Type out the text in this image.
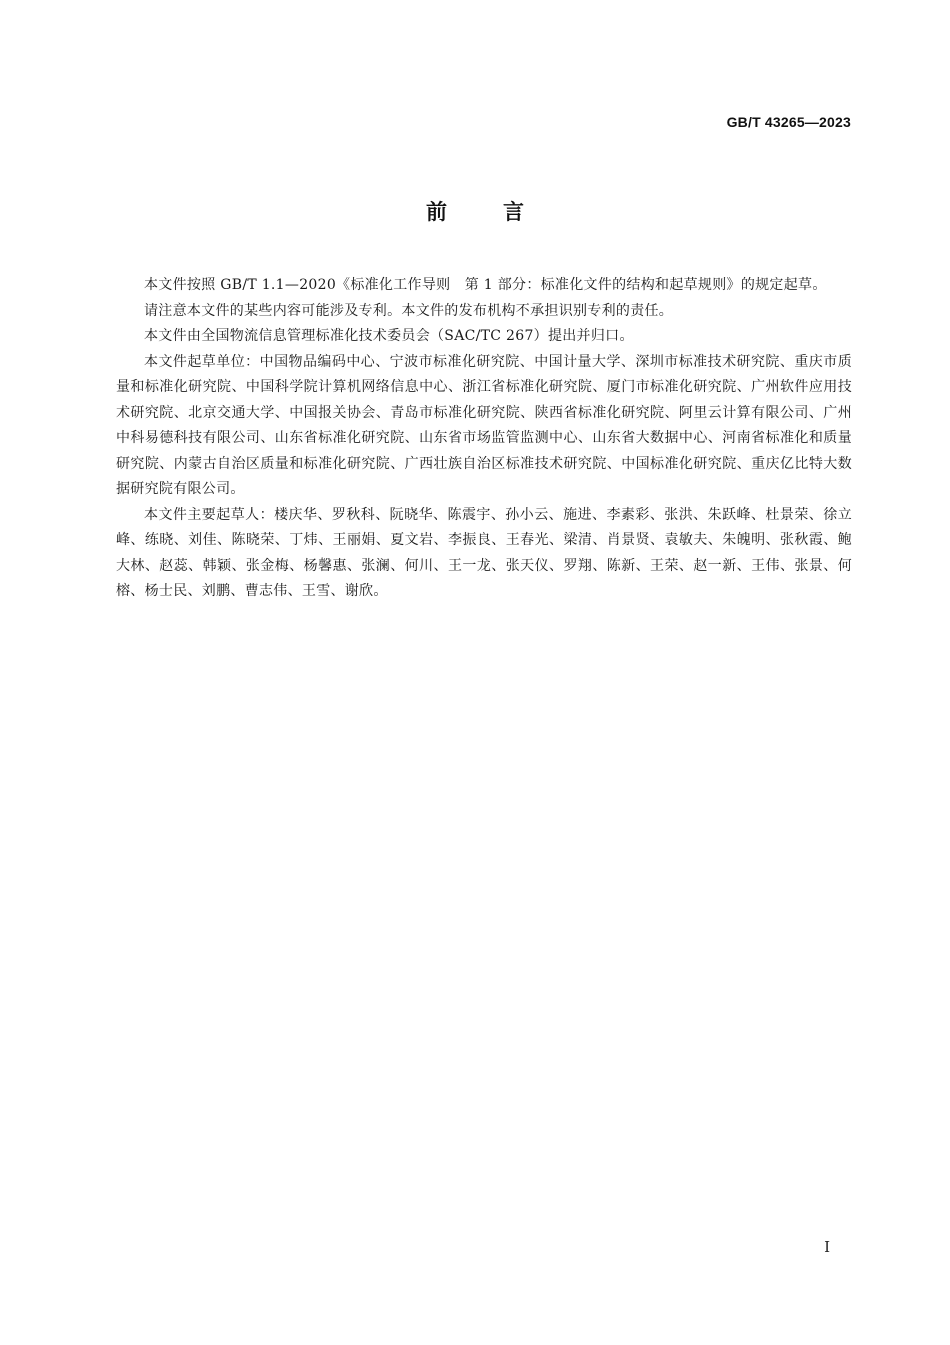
GB/T 43265—2023
前言

本文件按照 GB/T 1.1—2020《标准化工作导则　第 1 部分：标准化文件的结构和起草规则》的规定起草。

请注意本文件的某些内容可能涉及专利。本文件的发布机构不承担识别专利的责任。

本文件由全国物流信息管理标准化技术委员会（SAC/TC 267）提出并归口。

本文件起草单位：中国物品编码中心、宁波市标准化研究院、中国计量大学、深圳市标准技术研究院、重庆市质量和标准化研究院、中国科学院计算机网络信息中心、浙江省标准化研究院、厦门市标准化研究院、广州软件应用技术研究院、北京交通大学、中国报关协会、青岛市标准化研究院、陕西省标准化研究院、阿里云计算有限公司、广州中科易德科技有限公司、山东省标准化研究院、山东省市场监管监测中心、山东省大数据中心、河南省标准化和质量研究院、内蒙古自治区质量和标准化研究院、广西壮族自治区标准技术研究院、中国标准化研究院、重庆亿比特大数据研究院有限公司。

本文件主要起草人：楼庆华、罗秋科、阮晓华、陈震宇、孙小云、施进、李素彩、张洪、朱跃峰、杜景荣、徐立峰、练晓、刘佳、陈晓荣、丁炜、王丽娟、夏文岩、李振良、王春光、梁清、肖景贤、袁敏夫、朱魄明、张秋霞、鲍大林、赵蕊、韩颖、张金梅、杨馨惠、张澜、何川、王一龙、张天仪、罗翔、陈新、王荣、赵一新、王伟、张景、何榕、杨士民、刘鹏、曹志伟、王雪、谢欣。

I
